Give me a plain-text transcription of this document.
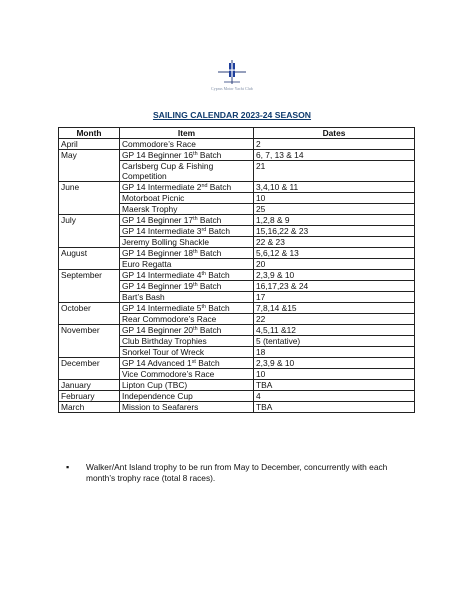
Cyprus Motor Yacht Club
SAILING CALENDAR 2023-24 SEASON
Month	Item	Dates
April	Commodore’s Race	2
May	GP 14 Beginner 16th Batch	6, 7, 13 & 14
	Carlsberg Cup & Fishing Competition	21
June	GP 14 Intermediate 2nd Batch	3,4,10 & 11
	Motorboat Picnic	10
	Maersk Trophy	25
July	GP 14 Beginner 17th Batch	1,2,8 & 9
	GP 14 Intermediate 3rd Batch	15,16,22 & 23
	Jeremy Bolling Shackle	22 & 23
August	GP 14 Beginner 18th Batch	5,6,12 & 13
	Euro Regatta	20
September	GP 14 Intermediate 4th Batch	2,3,9 & 10
	GP 14 Beginner 19th Batch	16,17,23 & 24
	Bart’s Bash	17
October	GP 14 Intermediate 5th Batch	7,8,14 &15
	Rear Commodore’s Race	22
November	GP 14 Beginner 20th Batch	4,5,11 &12
	Club Birthday Trophies	5 (tentative)
	Snorkel Tour of Wreck	18
December	GP 14 Advanced 1st Batch	2,3,9 & 10
	Vice Commodore’s Race	10
January	Lipton Cup (TBC)	TBA
February	Independence Cup	4
March	Mission to Seafarers	TBA
▪ Walker/Ant Island trophy to be run from May to December, concurrently with each month’s trophy race (total 8 races).
